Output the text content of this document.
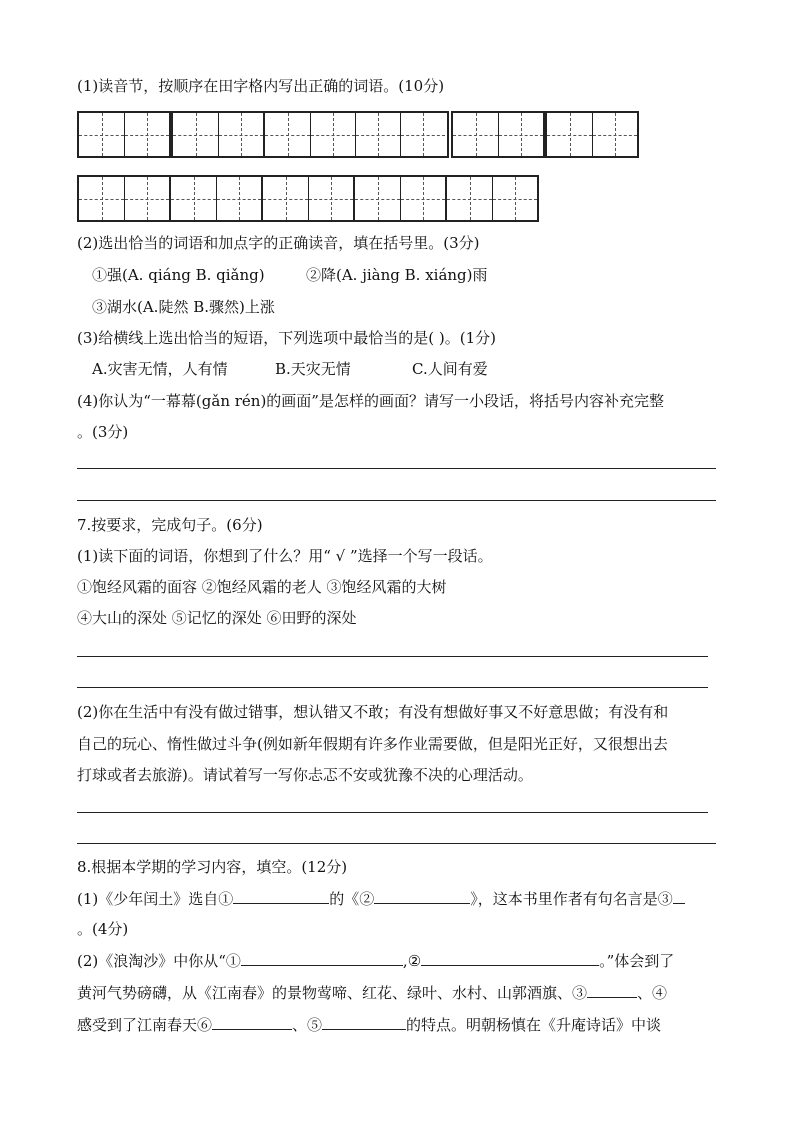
(1)读音节，按顺序在田字格内写出正确的词语。(10分)
(2)选出恰当的词语和加点字的正确读音，填在括号里。(3分)
①强(A. qiáng B. qiǎng)	②降(A. jiàng B. xiáng)雨
③湖水(A.陡然 B.骤然)上涨
(3)给横线上选出恰当的短语，下列选项中最恰当的是( )。(1分)
A.灾害无情，人有情	B.天灾无情	C.人间有爱
(4)你认为“一幕幕(gǎn rén)的画面”是怎样的画面？请写一小段话，将括号内容补充完整
。(3分)
7.按要求，完成句子。(6分)
(1)读下面的词语，你想到了什么？用“ √ ”选择一个写一段话。
①饱经风霜的面容 ②饱经风霜的老人 ③饱经风霜的大树
④大山的深处 ⑤记忆的深处 ⑥田野的深处
(2)你在生活中有没有做过错事，想认错又不敢；有没有想做好事又不好意思做；有没有和
自己的玩心、惰性做过斗争(例如新年假期有许多作业需要做，但是阳光正好，又很想出去
打球或者去旅游)。请试着写一写你忐忑不安或犹豫不决的心理活动。
8.根据本学期的学习内容，填空。(12分)
(1)《少年闰土》选自①	的《②	》，这本书里作者有句名言是③
。(4分)
(2)《浪淘沙》中你从“①	,②	。”体会到了
黄河气势磅礴，从《江南春》的景物莺啼、红花、绿叶、水村、山郭酒旗、③	、④
感受到了江南春天⑥	、⑤	的特点。明朝杨慎在《升庵诗话》中谈
